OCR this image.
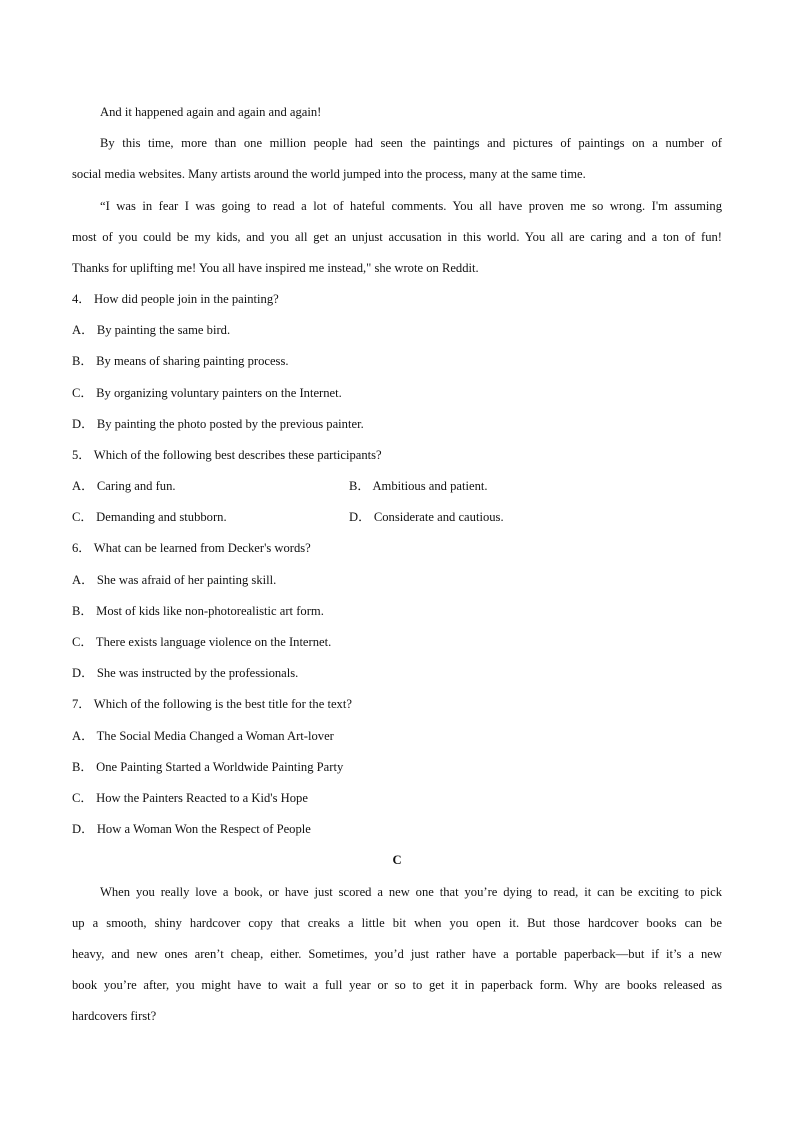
And it happened again and again and again!
By this time, more than one million people had seen the paintings and pictures of paintings on a number of
social media websites. Many artists around the world jumped into the process, many at the same time.
“I was in fear I was going to read a lot of hateful comments. You all have proven me so wrong. I'm assuming
most of you could be my kids, and you all get an unjust accusation in this world. You all are caring and a ton of fun!
Thanks for uplifting me! You all have inspired me instead," she wrote on Reddit.
4． How did people join in the painting?
A． By painting the same bird.
B． By means of sharing painting process.
C． By organizing voluntary painters on the Internet.
D． By painting the photo posted by the previous painter.
5． Which of the following best describes these participants?
A． Caring and fun.	B． Ambitious and patient.
C． Demanding and stubborn.	D． Considerate and cautious.
6． What can be learned from Decker's words?
A． She was afraid of her painting skill.
B． Most of kids like non-photorealistic art form.
C． There exists language violence on the Internet.
D． She was instructed by the professionals.
7． Which of the following is the best title for the text?
A． The Social Media Changed a Woman Art-lover
B． One Painting Started a Worldwide Painting Party
C． How the Painters Reacted to a Kid's Hope
D． How a Woman Won the Respect of People
C
When you really love a book, or have just scored a new one that you’re dying to read, it can be exciting to pick
up a smooth, shiny hardcover copy that creaks a little bit when you open it. But those hardcover books can be
heavy, and new ones aren’t cheap, either. Sometimes, you’d just rather have a portable paperback—but if it’s a new
book you’re after, you might have to wait a full year or so to get it in paperback form. Why are books released as
hardcovers first?
